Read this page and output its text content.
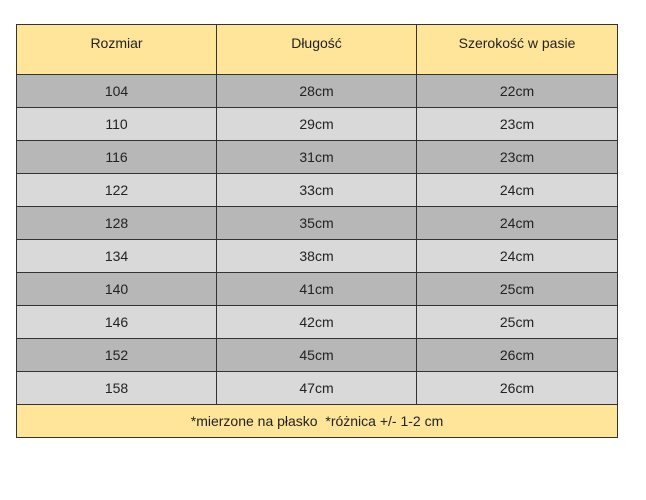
Rozmiar	Długość	Szerokość w pasie
104	28cm	22cm
110	29cm	23cm
116	31cm	23cm
122	33cm	24cm
128	35cm	24cm
134	38cm	24cm
140	41cm	25cm
146	42cm	25cm
152	45cm	26cm
158	47cm	26cm
*mierzone na płasko  *różnica +/- 1-2 cm		
